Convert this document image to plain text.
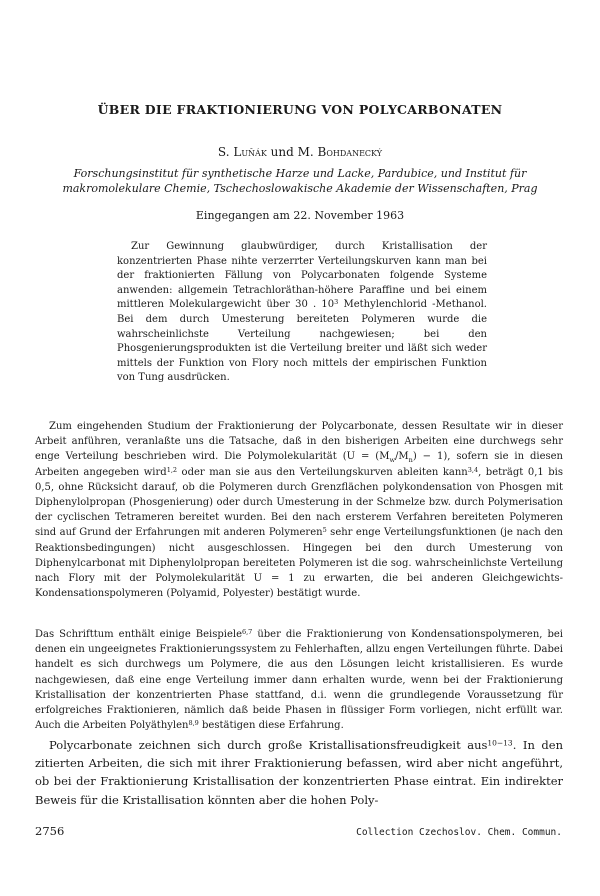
ÜBER DIE FRAKTIONIERUNG VON POLYCARBONATEN
S. Luňák und M. Bohdanecký
Forschungsinstitut für synthetische Harze und Lacke, Pardubice, und Institut für makromolekulare Chemie, Tschechoslowakische Akademie der Wissenschaften, Prag
Eingegangen am 22. November 1963
Zur Gewinnung glaubwürdiger, durch Kristallisation der konzentrierten Phase nihte verzerrter Verteilungskurven kann man bei der fraktionierten Fällung von Polycarbonaten folgende Systeme anwenden: allgemein Tetrachloräthan-höhere Paraffine und bei einem mittleren Molekulargewicht über 30 . $10^3$ Methylenchlorid -Methanol. Bei dem durch Umesterung bereiteten Polymeren wurde die wahrscheinlichste Verteilung nachgewiesen; bei den Phosgenierungsprodukten ist die Verteilung breiter und läßt sich weder mittels der Funktion von Flory noch mittels der empirischen Funktion von Tung ausdrücken.
Zum eingehenden Studium der Fraktionierung der Polycarbonate, dessen Resultate wir in dieser Arbeit anführen, veranlaßte uns die Tatsache, daß in den bisherigen Arbeiten eine durchwegs sehr enge Verteilung beschrieben wird. Die Polymolekularität $(U = (M_w/M_n) - 1)$, sofern sie in diesen Arbeiten angegeben wird$^{1,2}$ oder man sie aus den Verteilungskurven ableiten kann$^{3,4}$, beträgt 0,1 bis 0,5, ohne Rücksicht darauf, ob die Polymeren durch Grenzflächen polykondensation von Phosgen mit Diphenylolpropan (Phosgenierung) oder durch Umesterung in der Schmelze bzw. durch Polymerisation der cyclischen Tetrameren bereitet wurden. Bei den nach ersterem Verfahren bereiteten Polymeren sind auf Grund der Erfahrungen mit anderen Polymeren$^5$ sehr enge Verteilungsfunktionen (je nach den Reaktionsbedingungen) nicht ausgeschlossen. Hingegen bei den durch Umesterung von Diphenylcarbonat mit Diphenylolpropan bereiteten Polymeren ist die sog. wahrscheinlichste Verteilung nach Flory mit der Polymolekularität U = 1 zu erwarten, die bei anderen Gleichgewichts-Kondensationspolymeren (Polyamid, Polyester) bestätigt wurde.
Das Schrifttum enthält einige Beispiele$^{6,7}$ über die Fraktionierung von Kondensationspolymeren, bei denen ein ungeeignetes Fraktionierungssystem zu Fehlerhaften, allzu engen Verteilungen führte. Dabei handelt es sich durchwegs um Polymere, die aus den Lösungen leicht kristallisieren. Es wurde nachgewiesen, daß eine enge Verteilung immer dann erhalten wurde, wenn bei der Fraktionierung Kristallisation der konzentrierten Phase stattfand, d.i. wenn die grundlegende Voraussetzung für erfolgreiches Fraktionieren, nämlich daß beide Phasen in flüssiger Form vorliegen, nicht erfüllt war. Auch die Arbeiten Polyäthylen$^{8,9}$ bestätigen diese Erfahrung.
Polycarbonate zeichnen sich durch große Kristallisationsfreudigkeit aus$^{10-13}$. In den zitierten Arbeiten, die sich mit ihrer Fraktionierung befassen, wird aber nicht angeführt, ob bei der Fraktionierung Kristallisation der konzentrierten Phase eintrat. Ein indirekter Beweis für die Kristallisation könnten aber die hohen Poly-
2756	Collection Czechoslov. Chem. Commun.
